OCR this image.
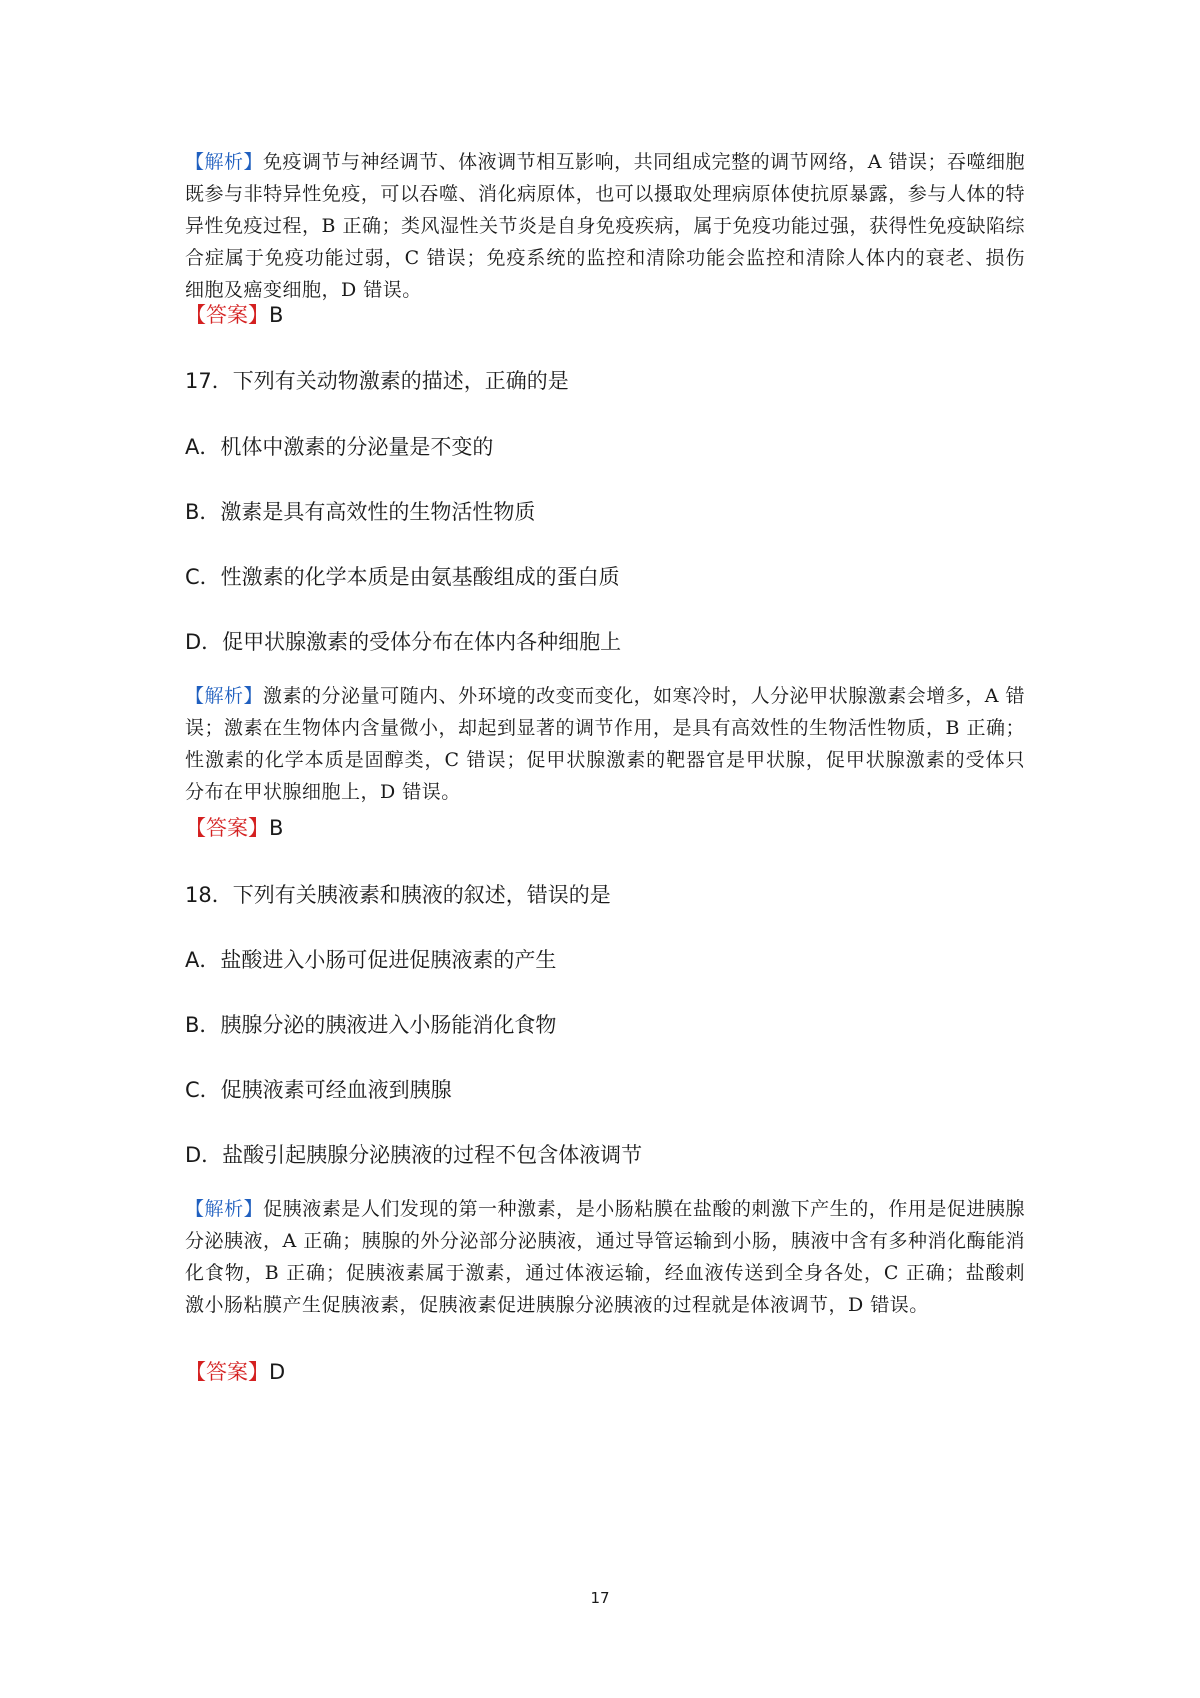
【解析】免疫调节与神经调节、体液调节相互影响，共同组成完整的调节网络，A 错误；吞噬细胞既参与非特异性免疫，可以吞噬、消化病原体，也可以摄取处理病原体使抗原暴露，参与人体的特异性免疫过程，B 正确；类风湿性关节炎是自身免疫疾病，属于免疫功能过强，获得性免疫缺陷综合症属于免疫功能过弱，C 错误；免疫系统的监控和清除功能会监控和清除人体内的衰老、损伤细胞及癌变细胞，D 错误。

【答案】B

17．下列有关动物激素的描述，正确的是

A．机体中激素的分泌量是不变的

B．激素是具有高效性的生物活性物质

C．性激素的化学本质是由氨基酸组成的蛋白质

D．促甲状腺激素的受体分布在体内各种细胞上

【解析】激素的分泌量可随内、外环境的改变而变化，如寒冷时，人分泌甲状腺激素会增多，A 错误；激素在生物体内含量微小，却起到显著的调节作用，是具有高效性的生物活性物质，B 正确；性激素的化学本质是固醇类，C 错误；促甲状腺激素的靶器官是甲状腺，促甲状腺激素的受体只分布在甲状腺细胞上，D 错误。

【答案】B

18．下列有关胰液素和胰液的叙述，错误的是

A．盐酸进入小肠可促进促胰液素的产生

B．胰腺分泌的胰液进入小肠能消化食物

C．促胰液素可经血液到胰腺

D．盐酸引起胰腺分泌胰液的过程不包含体液调节

【解析】促胰液素是人们发现的第一种激素，是小肠粘膜在盐酸的刺激下产生的，作用是促进胰腺分泌胰液，A 正确；胰腺的外分泌部分泌胰液，通过导管运输到小肠，胰液中含有多种消化酶能消化食物，B 正确；促胰液素属于激素，通过体液运输，经血液传送到全身各处，C 正确；盐酸刺激小肠粘膜产生促胰液素，促胰液素促进胰腺分泌胰液的过程就是体液调节，D 错误。

【答案】D

17
